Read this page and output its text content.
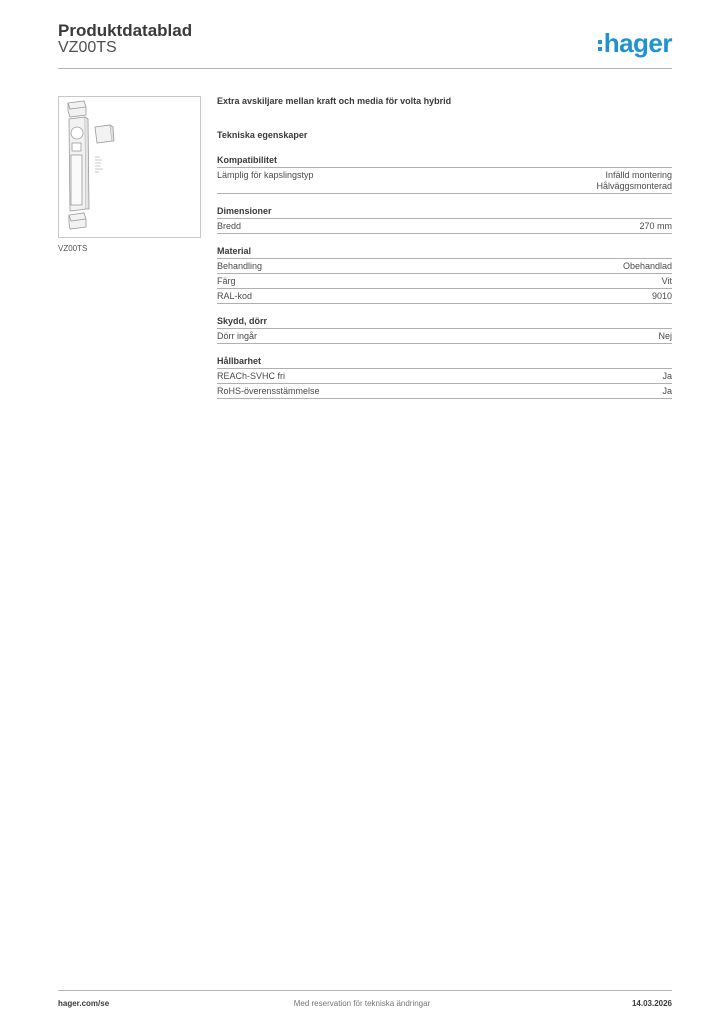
Produktdatablad
VZ00TS	hager
VZ00TS

Extra avskiljare mellan kraft och media för volta hybrid

Tekniska egenskaper

Kompatibilitet
Lämplig för kapslingstyp	Infälld montering
Hålväggsmonterad
Dimensioner
Bredd	270 mm
Material
Behandling	Obehandlad
Färg	Vit
RAL-kod	9010
Skydd, dörr
Dörr ingår	Nej
Hållbarhet
REACh-SVHC fri	Ja
RoHS-överensstämmelse	Ja
hager.com/se	Med reservation för tekniska ändringar	14.03.2026
